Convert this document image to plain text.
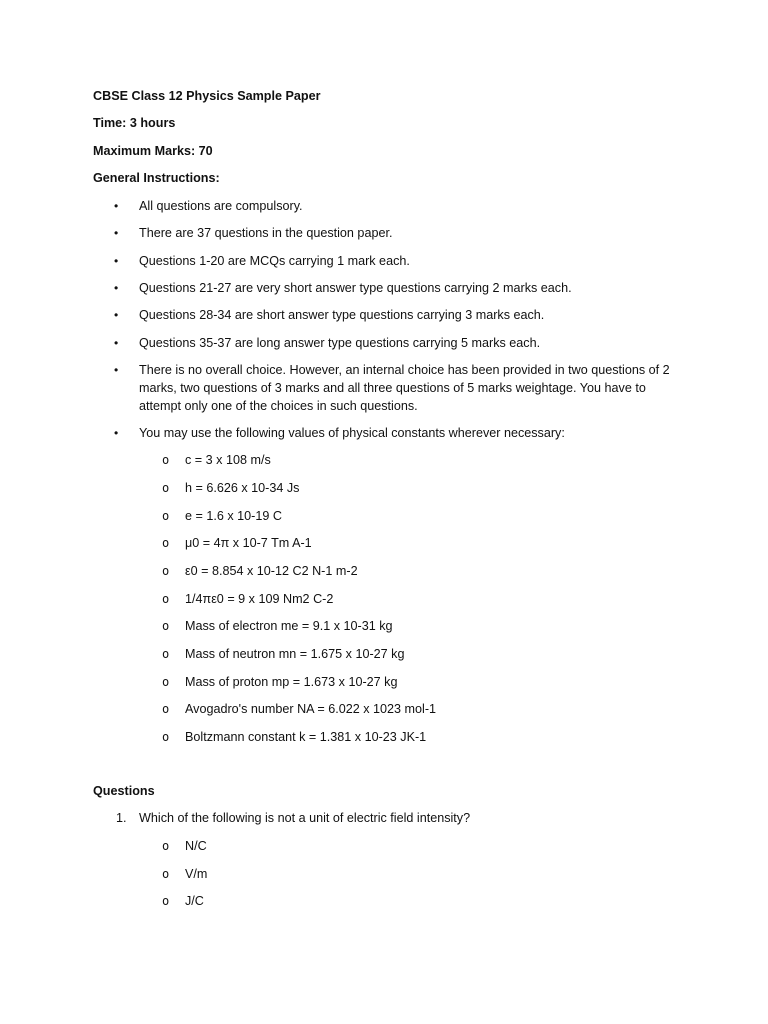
CBSE Class 12 Physics Sample Paper
Time: 3 hours
Maximum Marks: 70
General Instructions:
•	All questions are compulsory.
•	There are 37 questions in the question paper.
•	Questions 1-20 are MCQs carrying 1 mark each.
•	Questions 21-27 are very short answer type questions carrying 2 marks each.
•	Questions 28-34 are short answer type questions carrying 3 marks each.
•	Questions 35-37 are long answer type questions carrying 5 marks each.
•	There is no overall choice. However, an internal choice has been provided in two questions of 2 marks, two questions of 3 marks and all three questions of 5 marks weightage. You have to attempt only one of the choices in such questions.
•	You may use the following values of physical constants wherever necessary:
o c = 3 x 108 m/s
o h = 6.626 x 10-34 Js
o e = 1.6 x 10-19 C
o μ0 = 4π x 10-7 Tm A-1
o ε0 = 8.854 x 10-12 C2 N-1 m-2
o 1/4πε0 = 9 x 109 Nm2 C-2
o Mass of electron me = 9.1 x 10-31 kg
o Mass of neutron mn = 1.675 x 10-27 kg
o Mass of proton mp = 1.673 x 10-27 kg
o Avogadro's number NA = 6.022 x 1023 mol-1
o Boltzmann constant k = 1.381 x 10-23 JK-1
Questions
1. Which of the following is not a unit of electric field intensity?
o N/C
o V/m
o J/C
